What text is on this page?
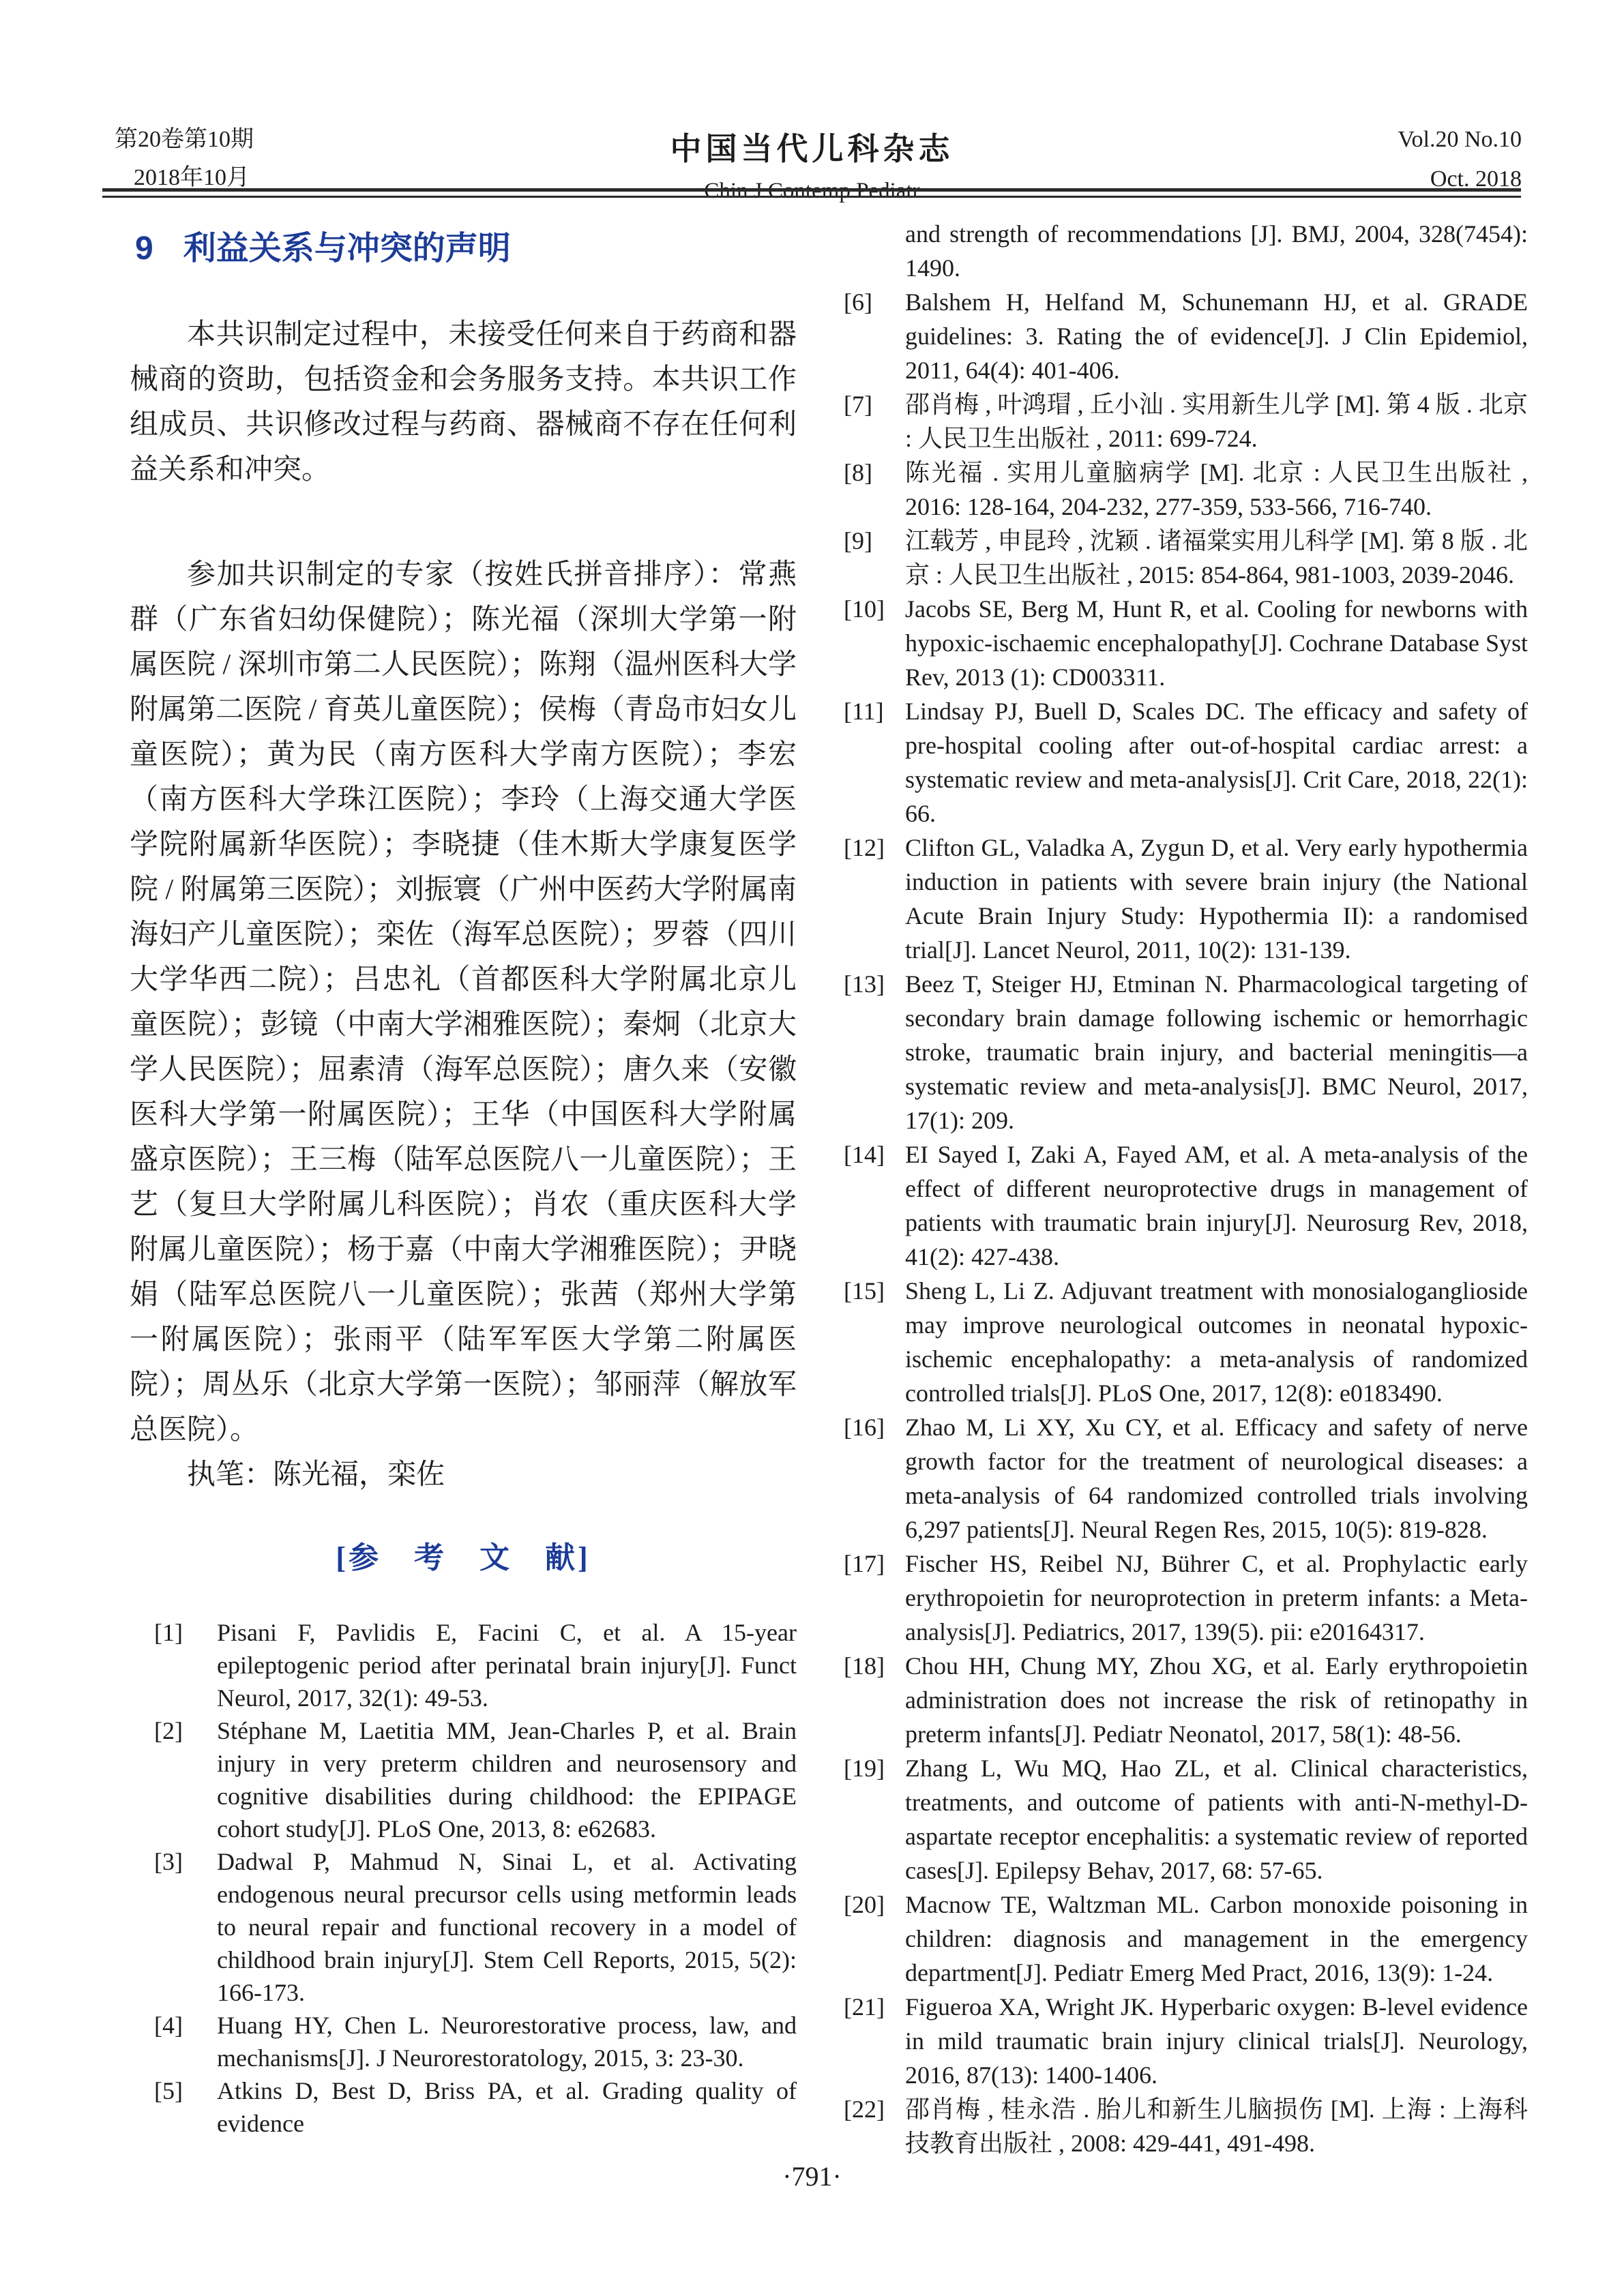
第20卷第10期
2018年10月
中国当代儿科杂志
Chin J Contemp Pediatr
Vol.20 No.10
Oct. 2018
9 利益关系与冲突的声明

本共识制定过程中，未接受任何来自于药商和器械商的资助，包括资金和会务服务支持。本共识工作组成员、共识修改过程与药商、器械商不存在任何利益关系和冲突。

参加共识制定的专家（按姓氏拼音排序）：常燕群（广东省妇幼保健院）；陈光福（深圳大学第一附属医院 / 深圳市第二人民医院）；陈翔（温州医科大学附属第二医院 / 育英儿童医院）；侯梅（青岛市妇女儿童医院）；黄为民（南方医科大学南方医院）；李宏（南方医科大学珠江医院）；李玲（上海交通大学医学院附属新华医院）；李晓捷（佳木斯大学康复医学院 / 附属第三医院）；刘振寰（广州中医药大学附属南海妇产儿童医院）；栾佐（海军总医院）；罗蓉（四川大学华西二院）；吕忠礼（首都医科大学附属北京儿童医院）；彭镜（中南大学湘雅医院）；秦炯（北京大学人民医院）；屈素清（海军总医院）；唐久来（安徽医科大学第一附属医院）；王华（中国医科大学附属盛京医院）；王三梅（陆军总医院八一儿童医院）；王艺（复旦大学附属儿科医院）；肖农（重庆医科大学附属儿童医院）；杨于嘉（中南大学湘雅医院）；尹晓娟（陆军总医院八一儿童医院）；张茜（郑州大学第一附属医院）；张雨平（陆军军医大学第二附属医院）；周丛乐（北京大学第一医院）；邹丽萍（解放军总医院）。

执笔：陈光福，栾佐

[参　考　文　献]
[1] Pisani F, Pavlidis E, Facini C, et al. A 15-year epileptogenic period after perinatal brain injury[J]. Funct Neurol, 2017, 32(1): 49-53.
[2] Stéphane M, Laetitia MM, Jean-Charles P, et al. Brain injury in very preterm children and neurosensory and cognitive disabilities during childhood: the EPIPAGE cohort study[J]. PLoS One, 2013, 8: e62683.
[3] Dadwal P, Mahmud N, Sinai L, et al. Activating endogenous neural precursor cells using metformin leads to neural repair and functional recovery in a model of childhood brain injury[J]. Stem Cell Reports, 2015, 5(2): 166-173.
[4] Huang HY, Chen L. Neurorestorative process, law, and mechanisms[J]. J Neurorestoratology, 2015, 3: 23-30.
[5] Atkins D, Best D, Briss PA, et al. Grading quality of evidence
and strength of recommendations [J]. BMJ, 2004, 328(7454): 1490.
[6] Balshem H, Helfand M, Schunemann HJ, et al. GRADE guidelines: 3. Rating the of evidence[J]. J Clin Epidemiol, 2011, 64(4): 401-406.
[7] 邵肖梅 , 叶鸿瑁 , 丘小汕 . 实用新生儿学 [M]. 第 4 版 . 北京 : 人民卫生出版社 , 2011: 699-724.
[8] 陈光福 . 实用儿童脑病学 [M]. 北京 : 人民卫生出版社 , 2016: 128-164, 204-232, 277-359, 533-566, 716-740.
[9] 江载芳 , 申昆玲 , 沈颖 . 诸福棠实用儿科学 [M]. 第 8 版 . 北京 : 人民卫生出版社 , 2015: 854-864, 981-1003, 2039-2046.
[10] Jacobs SE, Berg M, Hunt R, et al. Cooling for newborns with hypoxic-ischaemic encephalopathy[J]. Cochrane Database Syst Rev, 2013 (1): CD003311.
[11] Lindsay PJ, Buell D, Scales DC. The efficacy and safety of pre-hospital cooling after out-of-hospital cardiac arrest: a systematic review and meta-analysis[J]. Crit Care, 2018, 22(1): 66.
[12] Clifton GL, Valadka A, Zygun D, et al. Very early hypothermia induction in patients with severe brain injury (the National Acute Brain Injury Study: Hypothermia II): a randomised trial[J]. Lancet Neurol, 2011, 10(2): 131-139.
[13] Beez T, Steiger HJ, Etminan N. Pharmacological targeting of secondary brain damage following ischemic or hemorrhagic stroke, traumatic brain injury, and bacterial meningitis—a systematic review and meta-analysis[J]. BMC Neurol, 2017, 17(1): 209.
[14] EI Sayed I, Zaki A, Fayed AM, et al. A meta-analysis of the effect of different neuroprotective drugs in management of patients with traumatic brain injury[J]. Neurosurg Rev, 2018, 41(2): 427-438.
[15] Sheng L, Li Z. Adjuvant treatment with monosialoganglioside may improve neurological outcomes in neonatal hypoxic-ischemic encephalopathy: a meta-analysis of randomized controlled trials[J]. PLoS One, 2017, 12(8): e0183490.
[16] Zhao M, Li XY, Xu CY, et al. Efficacy and safety of nerve growth factor for the treatment of neurological diseases: a meta-analysis of 64 randomized controlled trials involving 6,297 patients[J]. Neural Regen Res, 2015, 10(5): 819-828.
[17] Fischer HS, Reibel NJ, Bührer C, et al. Prophylactic early erythropoietin for neuroprotection in preterm infants: a Meta-analysis[J]. Pediatrics, 2017, 139(5). pii: e20164317.
[18] Chou HH, Chung MY, Zhou XG, et al. Early erythropoietin administration does not increase the risk of retinopathy in preterm infants[J]. Pediatr Neonatol, 2017, 58(1): 48-56.
[19] Zhang L, Wu MQ, Hao ZL, et al. Clinical characteristics, treatments, and outcome of patients with anti-N-methyl-D-aspartate receptor encephalitis: a systematic review of reported cases[J]. Epilepsy Behav, 2017, 68: 57-65.
[20] Macnow TE, Waltzman ML. Carbon monoxide poisoning in children: diagnosis and management in the emergency department[J]. Pediatr Emerg Med Pract, 2016, 13(9): 1-24.
[21] Figueroa XA, Wright JK. Hyperbaric oxygen: B-level evidence in mild traumatic brain injury clinical trials[J]. Neurology, 2016, 87(13): 1400-1406.
[22] 邵肖梅 , 桂永浩 . 胎儿和新生儿脑损伤 [M]. 上海 : 上海科技教育出版社 , 2008: 429-441, 491-498.
·791·
